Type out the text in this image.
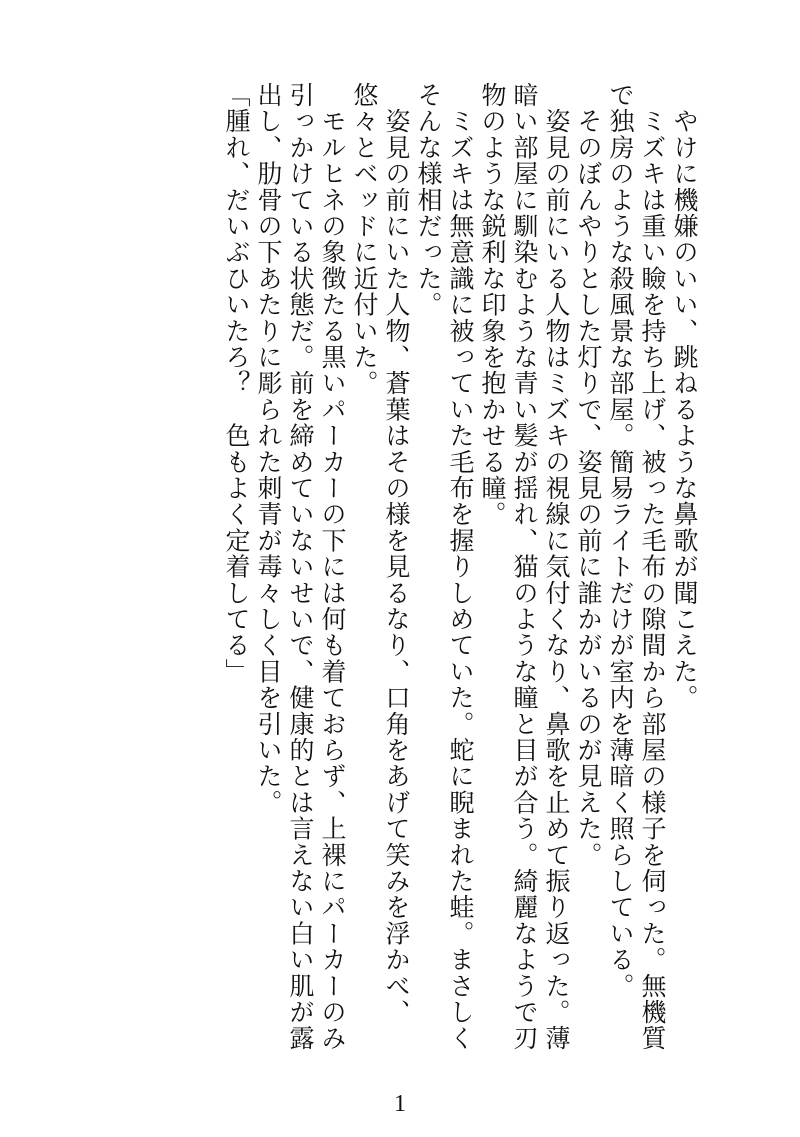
　やけに機嫌のいい、跳ねるような鼻歌が聞こえた。

　ミズキは重い瞼を持ち上げ、被った毛布の隙間から部屋の様子を伺った。無機質で独房のような殺風景な部屋。簡易ライトだけが室内を薄暗く照らしている。

　そのぼんやりとした灯りで、姿見の前に誰かがいるのが見えた。

　姿見の前にいる人物はミズキの視線に気付くなり、鼻歌を止めて振り返った。薄暗い部屋に馴染むような青い髪が揺れ、猫のような瞳と目が合う。綺麗なようで刃物のような鋭利な印象を抱かせる瞳。

　ミズキは無意識に被っていた毛布を握りしめていた。蛇に睨まれた蛙。まさしくそんな様相だった。

　姿見の前にいた人物、蒼葉はその様を見るなり、口角をあげて笑みを浮かべ、悠々とベッドに近付いた。

　モルヒネの象徴たる黒いパーカーの下には何も着ておらず、上裸にパーカーのみ引っかけている状態だ。前を締めていないせいで、健康的とは言えない白い肌が露出し、肋骨の下あたりに彫られた刺青が毒々しく目を引いた。

「腫れ、だいぶひいたろ？　色もよく定着してる」

1
